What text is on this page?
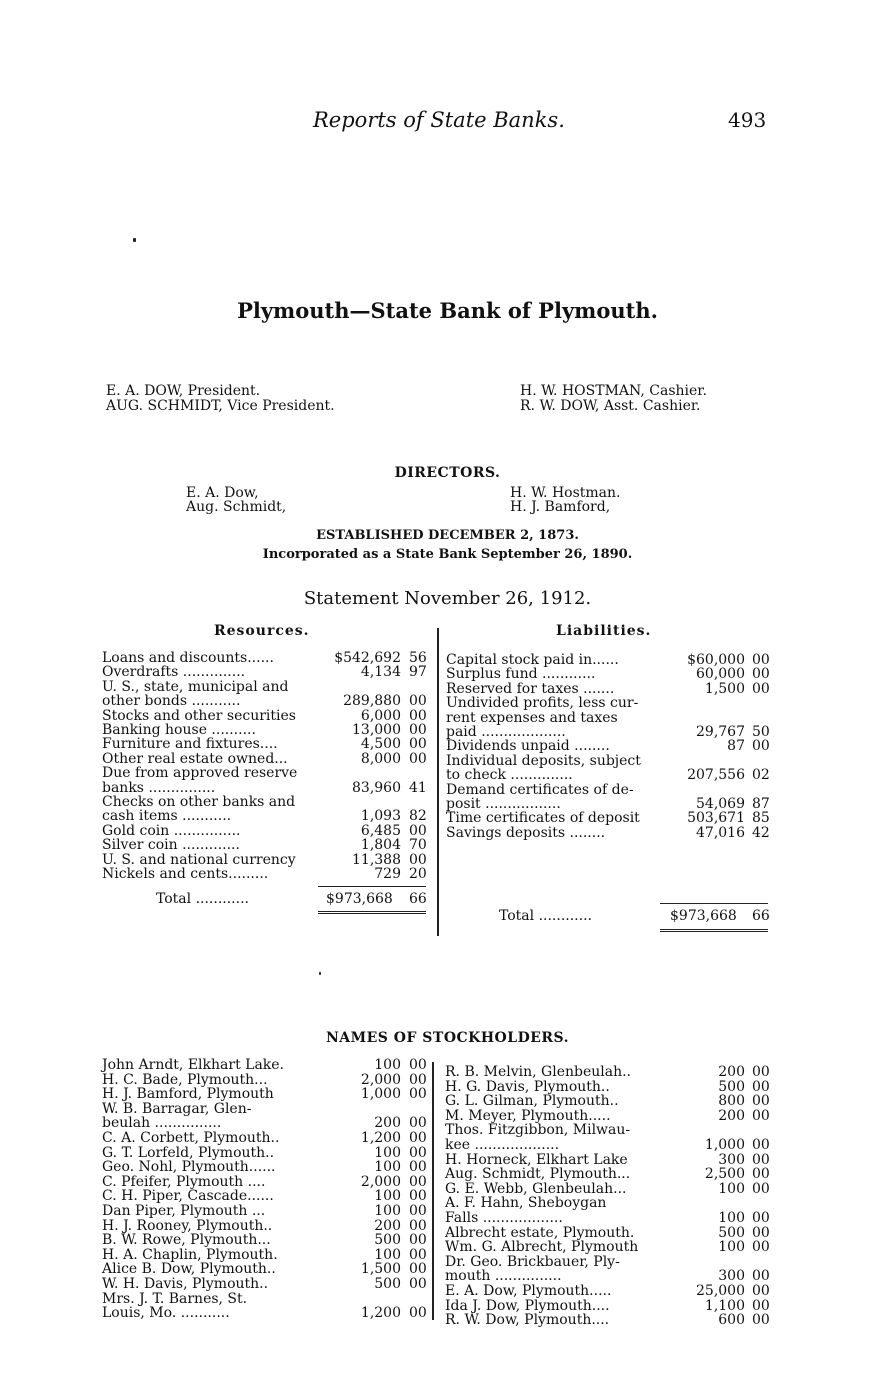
Reports of State Banks.	493
Plymouth—State Bank of Plymouth.
E. A. DOW, President.
AUG. SCHMIDT, Vice President.
H. W. HOSTMAN, Cashier.
R. W. DOW, Asst. Cashier.
DIRECTORS.
E. A. Dow,
Aug. Schmidt,
H. W. Hostman.
H. J. Bamford,
ESTABLISHED DECEMBER 2, 1873.
Incorporated as a State Bank September 26, 1890.
Statement November 26, 1912.
Resources.	Liabilities.
Loans and discounts......	$542,692 56
Overdrafts ..............	4,134 97
U. S., state, municipal and
other bonds ...........	289,880 00
Stocks and other securities	6,000 00
Banking house ..........	13,000 00
Furniture and fixtures....	4,500 00
Other real estate owned...	8,000 00
Due from approved reserve
banks ...............	83,960 41
Checks on other banks and
cash items ...........	1,093 82
Gold coin ...............	6,485 00
Silver coin .............	1,804 70
U. S. and national currency	11,388 00
Nickels and cents.........	729 20
Capital stock paid in......	$60,000 00
Surplus fund ............	60,000 00
Reserved for taxes .......	1,500 00
Undivided profits, less cur-
rent expenses and taxes
paid ...................	29,767 50
Dividends unpaid ........	87 00
Individual deposits, subject
to check ..............	207,556 02
Demand certificates of de-
posit .................	54,069 87
Time certificates of deposit	503,671 85
Savings deposits ........	47,016 42
Total ............	$973,668 66
Total ............	$973,668 66
NAMES OF STOCKHOLDERS.
John Arndt, Elkhart Lake.	100 00
H. C. Bade, Plymouth...	2,000 00
H. J. Bamford, Plymouth	1,000 00
W. B. Barragar, Glen-
beulah ...............	200 00
C. A. Corbett, Plymouth..	1,200 00
G. T. Lorfeld, Plymouth..	100 00
Geo. Nohl, Plymouth......	100 00
C. Pfeifer, Plymouth ....	2,000 00
C. H. Piper, Cascade......	100 00
Dan Piper, Plymouth ...	100 00
H. J. Rooney, Plymouth..	200 00
B. W. Rowe, Plymouth...	500 00
H. A. Chaplin, Plymouth.	100 00
Alice B. Dow, Plymouth..	1,500 00
W. H. Davis, Plymouth..	500 00
Mrs. J. T. Barnes, St.
Louis, Mo. ...........	1,200 00
R. B. Melvin, Glenbeulah..	200 00
H. G. Davis, Plymouth..	500 00
G. L. Gilman, Plymouth..	800 00
M. Meyer, Plymouth.....	200 00
Thos. Fitzgibbon, Milwau-
kee ...................	1,000 00
H. Horneck, Elkhart Lake	300 00
Aug. Schmidt, Plymouth...	2,500 00
G. E. Webb, Glenbeulah...	100 00
A. F. Hahn, Sheboygan
Falls ..................	100 00
Albrecht estate, Plymouth.	500 00
Wm. G. Albrecht, Plymouth	100 00
Dr. Geo. Brickbauer, Ply-
mouth ...............	300 00
E. A. Dow, Plymouth.....	25,000 00
Ida J. Dow, Plymouth....	1,100 00
R. W. Dow, Plymouth....	600 00
